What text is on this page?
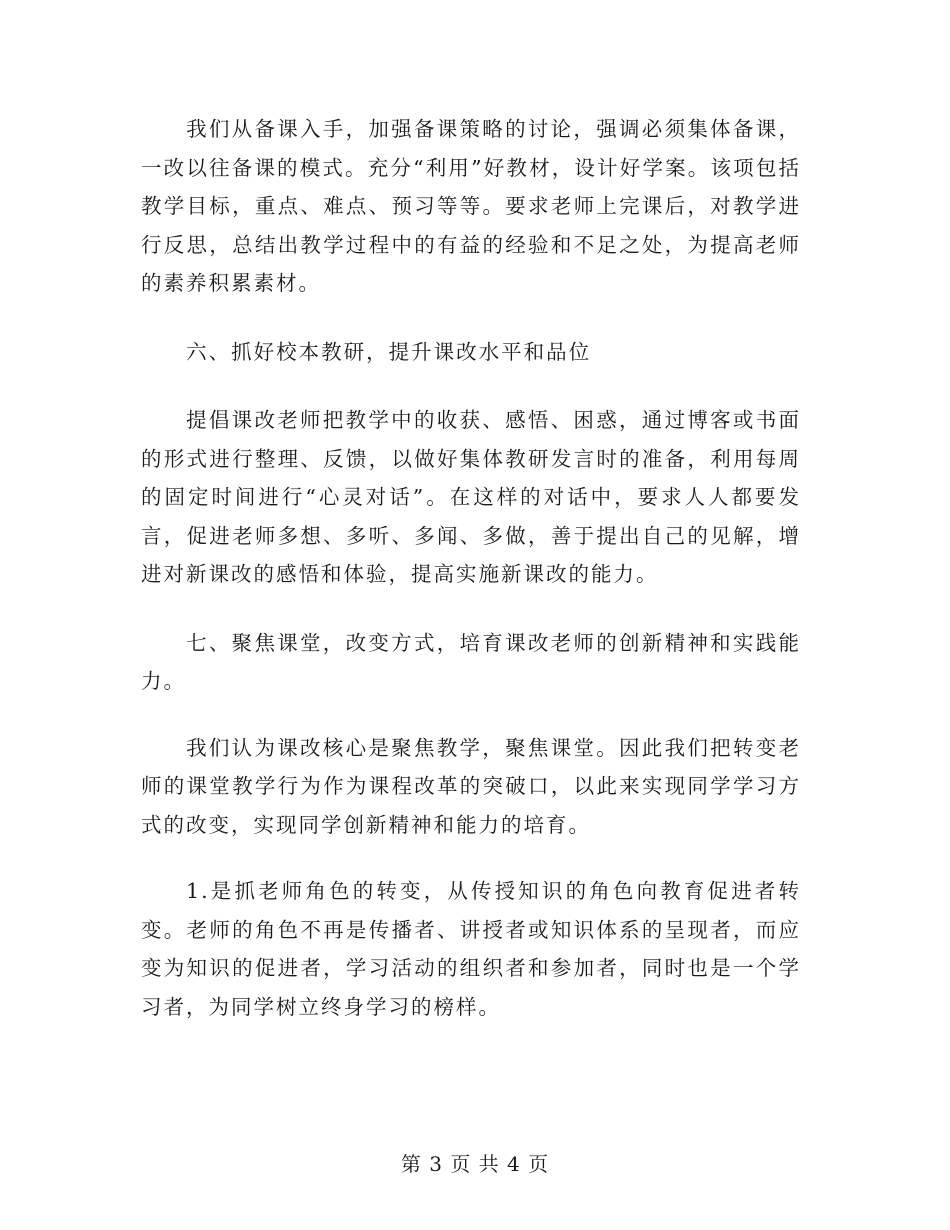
我们从备课入手，加强备课策略的讨论，强调必须集体备课，一改以往备课的模式。充分“利用”好教材，设计好学案。该项包括教学目标，重点、难点、预习等等。要求老师上完课后，对教学进行反思，总结出教学过程中的有益的经验和不足之处，为提高老师的素养积累素材。

六、抓好校本教研，提升课改水平和品位

提倡课改老师把教学中的收获、感悟、困惑，通过博客或书面的形式进行整理、反馈，以做好集体教研发言时的准备，利用每周的固定时间进行“心灵对话”。在这样的对话中，要求人人都要发言，促进老师多想、多听、多闻、多做，善于提出自己的见解，增进对新课改的感悟和体验，提高实施新课改的能力。

七、聚焦课堂，改变方式，培育课改老师的创新精神和实践能力。

我们认为课改核心是聚焦教学，聚焦课堂。因此我们把转变老师的课堂教学行为作为课程改革的突破口，以此来实现同学学习方式的改变，实现同学创新精神和能力的培育。

1.是抓老师角色的转变，从传授知识的角色向教育促进者转变。老师的角色不再是传播者、讲授者或知识体系的呈现者，而应变为知识的促进者，学习活动的组织者和参加者，同时也是一个学习者，为同学树立终身学习的榜样。

第 3 页 共 4 页
